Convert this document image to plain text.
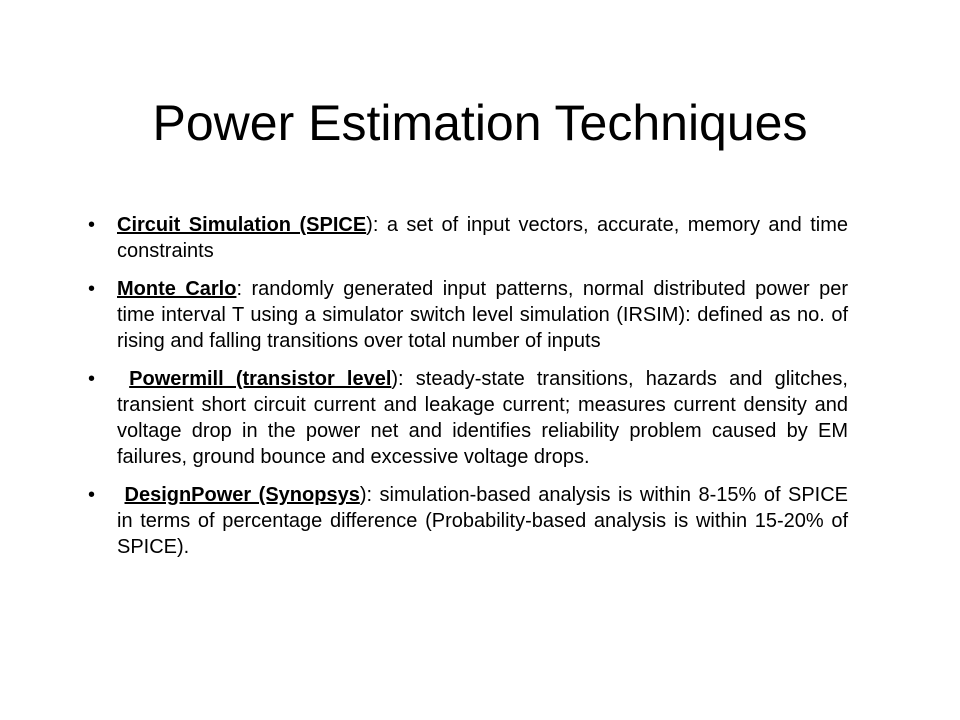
Power Estimation Techniques
• Circuit Simulation (SPICE): a set of input vectors, accurate, memory and time constraints
• Monte Carlo: randomly generated input patterns, normal distributed power per time interval T using a simulator switch level simulation (IRSIM): defined as no. of rising and falling transitions over total number of inputs
•	Powermill (transistor level): steady-state transitions, hazards and glitches, transient short circuit current and leakage current; measures current density and voltage drop in the power net and identifies reliability problem caused by EM failures, ground bounce and excessive voltage drops.
•	DesignPower (Synopsys): simulation-based analysis is within 8-15% of SPICE in terms of percentage difference (Probability-based analysis is within 15-20% of SPICE).
